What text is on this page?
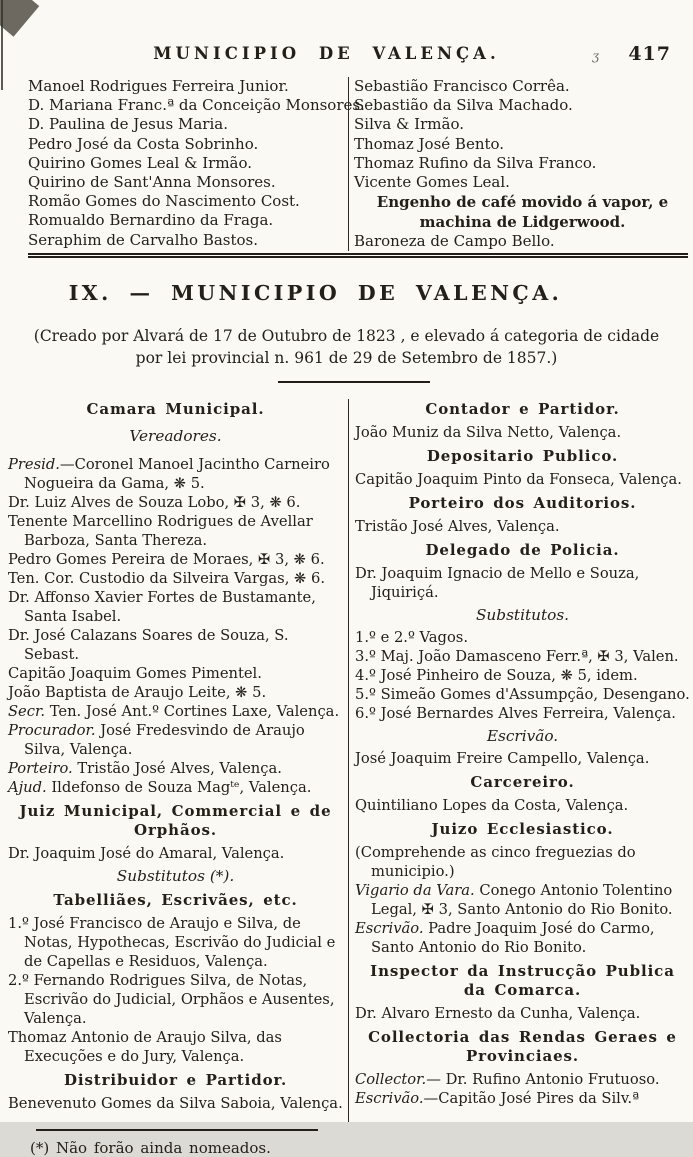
MUNICIPIO DE VALENÇA.	ʒ 417
Manoel Rodrigues Ferreira Junior.
D. Mariana Franc.ª da Conceição Monsores.
D. Paulina de Jesus Maria.
Pedro José da Costa Sobrinho.
Quirino Gomes Leal & Irmão.
Quirino de Sant'Anna Monsores.
Romão Gomes do Nascimento Cost.
Romualdo Bernardino da Fraga.
Seraphim de Carvalho Bastos.
Sebastião Francisco Corrêa.
Sebastião da Silva Machado.
Silva & Irmão.
Thomaz José Bento.
Thomaz Rufino da Silva Franco.
Vicente Gomes Leal.
Engenho de café movido á vapor, e
machina de Lidgerwood.
Baroneza de Campo Bello.
IX. — MUNICIPIO DE VALENÇA.

(Creado por Alvará de 17 de Outubro de 1823 , e elevado á categoria de cidade
por lei provincial n. 961 de 29 de Setembro de 1857.)

Camara Municipal.
Vereadores.
Presid.—Coronel Manoel Jacintho Carneiro Nogueira da Gama, ❋ 5.
Dr. Luiz Alves de Souza Lobo, ✠ 3, ❋ 6.
Tenente Marcellino Rodrigues de Avellar Barboza, Santa Thereza.
Pedro Gomes Pereira de Moraes, ✠ 3, ❋ 6.
Ten. Cor. Custodio da Silveira Vargas, ❋ 6.
Dr. Affonso Xavier Fortes de Bustamante, Santa Isabel.
Dr. José Calazans Soares de Souza, S. Sebast.
Capitão Joaquim Gomes Pimentel.
João Baptista de Araujo Leite, ❋ 5.
Secr. Ten. José Ant.º Cortines Laxe, Valença.
Procurador. José Fredesvindo de Araujo Silva, Valença.
Porteiro. Tristão José Alves, Valença.
Ajud. Ildefonso de Souza Magᵗᵉ, Valença.
Juiz Municipal, Commercial e de Orphãos.
Dr. Joaquim José do Amaral, Valença.
Substitutos (*).
Tabelliães, Escrivães, etc.
1.º José Francisco de Araujo e Silva, de Notas, Hypothecas, Escrivão do Judicial e de Capellas e Residuos, Valença.
2.º Fernando Rodrigues Silva, de Notas, Escrivão do Judicial, Orphãos e Ausentes, Valença.
Thomaz Antonio de Araujo Silva, das Execuções e do Jury, Valença.
Distribuidor e Partidor.
Benevenuto Gomes da Silva Saboia, Valença.
(*) Não forão ainda nomeados.
Contador e Partidor.
João Muniz da Silva Netto, Valença.
Depositario Publico.
Capitão Joaquim Pinto da Fonseca, Valença.
Porteiro dos Auditorios.
Tristão José Alves, Valença.
Delegado de Policia.
Dr. Joaquim Ignacio de Mello e Souza, Jiquiriçá.
Substitutos.
1.º e 2.º Vagos.
3.º Maj. João Damasceno Ferr.ª, ✠ 3, Valen.
4.º José Pinheiro de Souza, ❋ 5, idem.
5.º Simeão Gomes d'Assumpção, Desengano.
6.º José Bernardes Alves Ferreira, Valença.
Escrivão.
José Joaquim Freire Campello, Valença.
Carcereiro.
Quintiliano Lopes da Costa, Valença.
Juizo Ecclesiastico.
(Comprehende as cinco freguezias do municipio.)
Vigario da Vara. Conego Antonio Tolentino Legal, ✠ 3, Santo Antonio do Rio Bonito.
Escrivão. Padre Joaquim José do Carmo, Santo Antonio do Rio Bonito.
Inspector da Instrucção Publica da Comarca.
Dr. Alvaro Ernesto da Cunha, Valença.
Collectoria das Rendas Geraes e Provinciaes.
Collector.— Dr. Rufino Antonio Frutuoso.
Escrivão.—Capitão José Pires da Silv.ª
